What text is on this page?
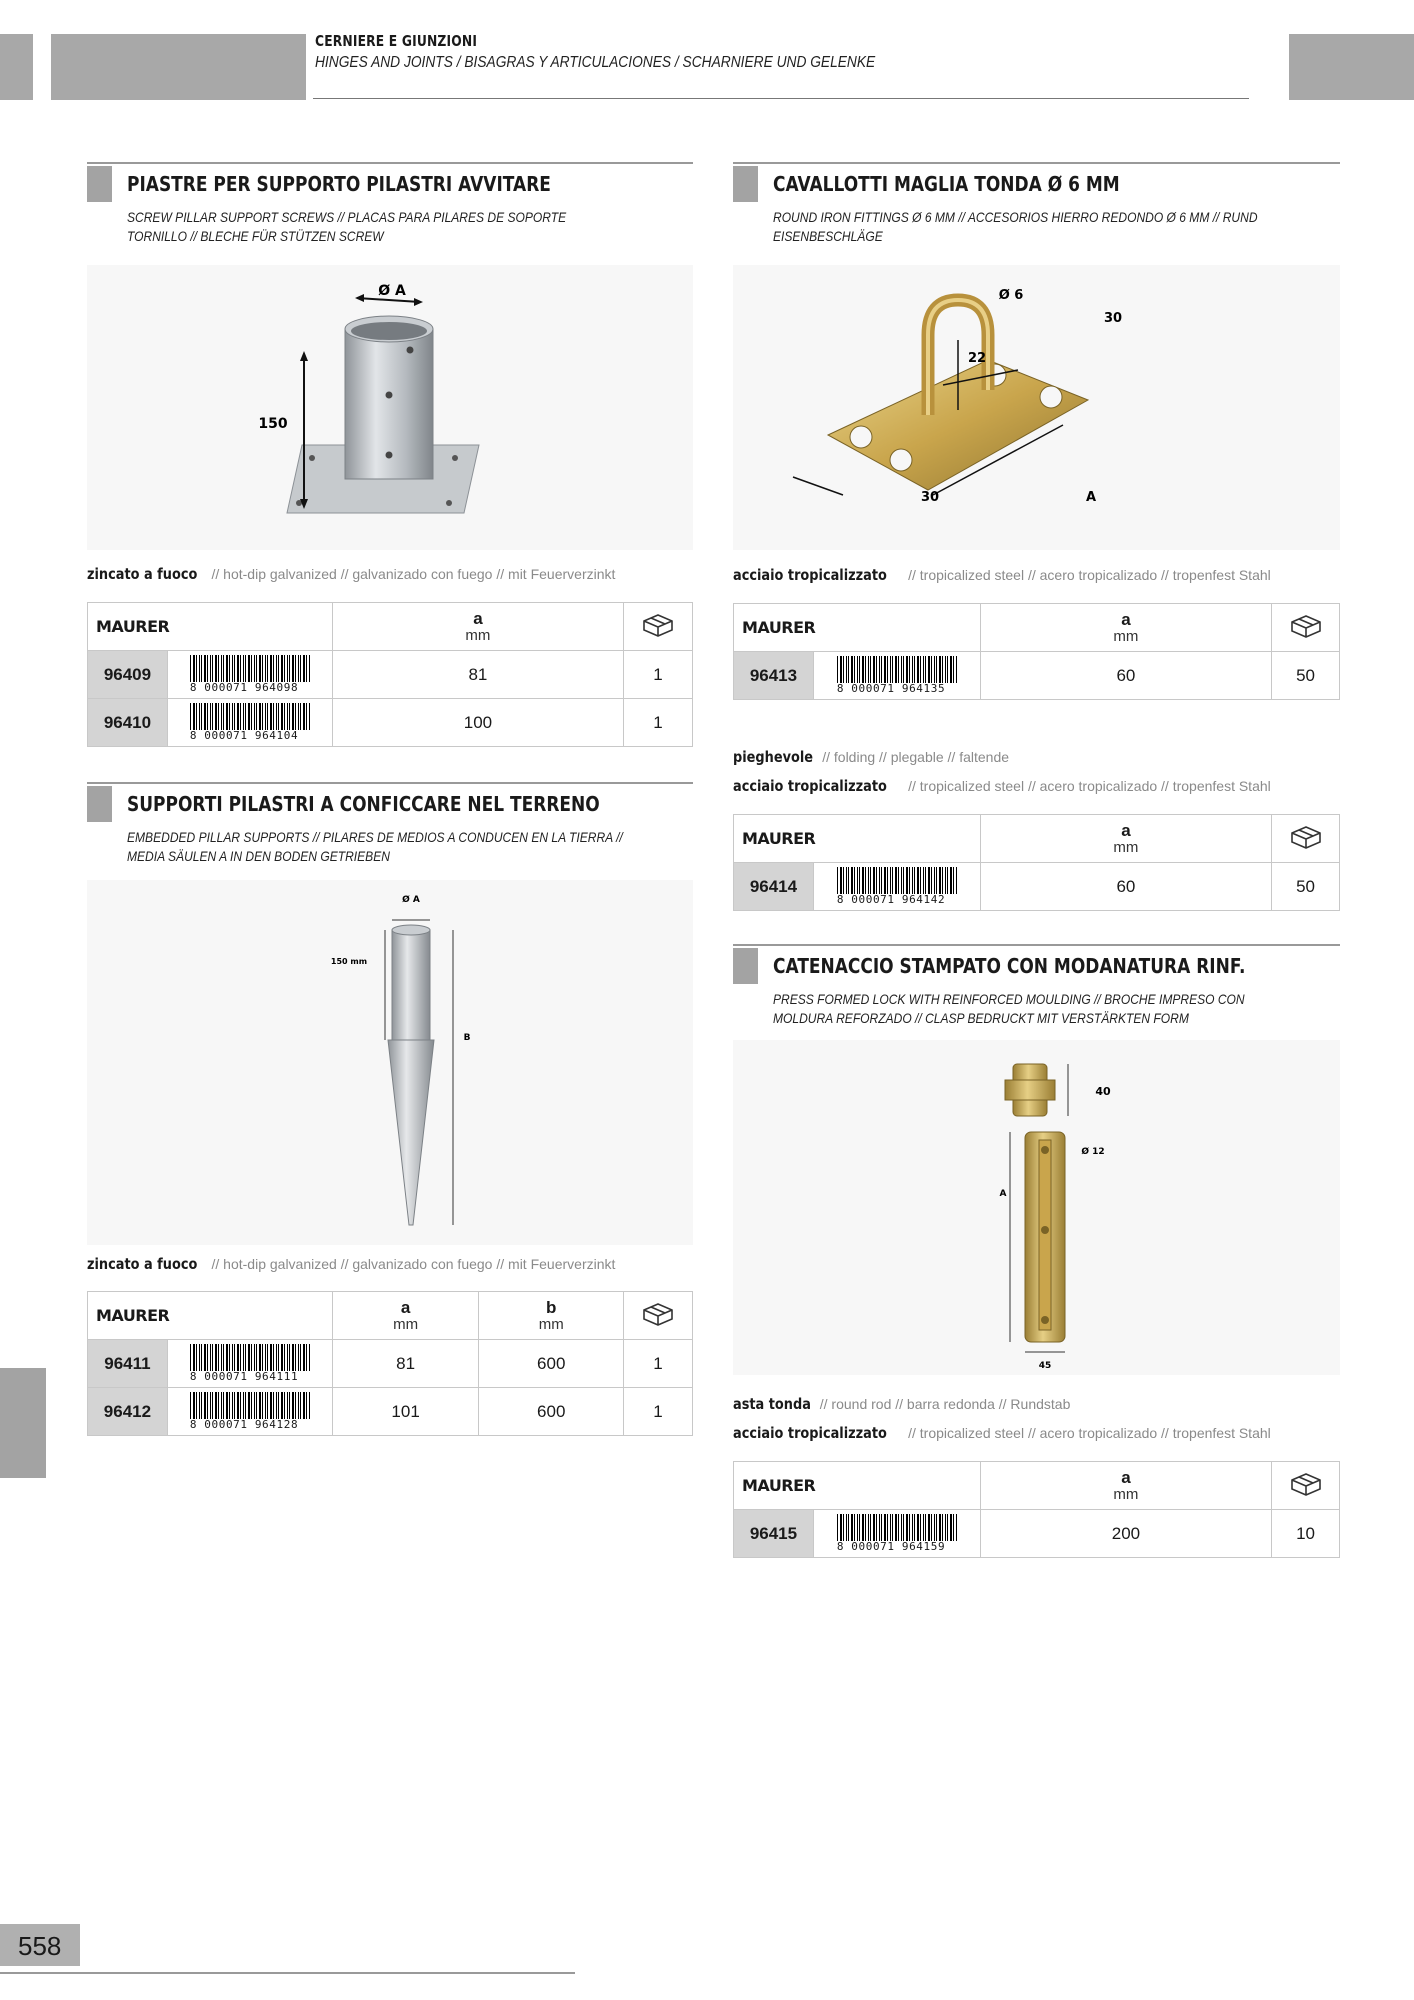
CERNIERE E GIUNZIONI
HINGES AND JOINTS / BISAGRAS Y ARTICULACIONES / SCHARNIERE UND GELENKE
PIASTRE PER SUPPORTO PILASTRI AVVITARE
SCREW PILLAR SUPPORT SCREWS // PLACAS PARA PILARES DE SOPORTE TORNILLO // BLECHE FÜR STÜTZEN SCREW
Ø A
150
zincato a fuoco // hot-dip galvanized // galvanizado con fuego // mit Feuerverzinkt
MAURER		a
mm

96409	8 000071 964098	81	1
96410	8 000071 964104	100	1
SUPPORTI PILASTRI A CONFICCARE NEL TERRENO
EMBEDDED PILLAR SUPPORTS // PILARES DE MEDIOS A CONDUCEN EN LA TIERRA // MEDIA SÄULEN A IN DEN BODEN GETRIEBEN
Ø A
150 mm
B
zincato a fuoco // hot-dip galvanized // galvanizado con fuego // mit Feuerverzinkt
MAURER		a
mm	b
mm

96411	8 000071 964111	81	600	1
96412	8 000071 964128	101	600	1
CAVALLOTTI MAGLIA TONDA Ø 6 MM
ROUND IRON FITTINGS Ø 6 MM // ACCESORIOS HIERRO REDONDO Ø 6 MM // RUND EISENBESCHLÄGE
Ø 6
30
22
30	A
acciaio tropicalizzato // tropicalized steel // acero tropicalizado // tropenfest Stahl
MAURER		a
mm

96413	8 000071 964135	60	50
pieghevole // folding // plegable // faltende
acciaio tropicalizzato // tropicalized steel // acero tropicalizado // tropenfest Stahl
MAURER		a
mm

96414	8 000071 964142	60	50
CATENACCIO STAMPATO CON MODANATURA RINF.
PRESS FORMED LOCK WITH REINFORCED MOULDING // BROCHE IMPRESO CON MOLDURA REFORZADO // CLASP BEDRUCKT MIT VERSTÄRKTEN FORM
40
Ø 12
A
45
asta tonda // round rod // barra redonda // Rundstab
acciaio tropicalizzato // tropicalized steel // acero tropicalizado // tropenfest Stahl
MAURER		a
mm

96415	8 000071 964159	200	10
558
